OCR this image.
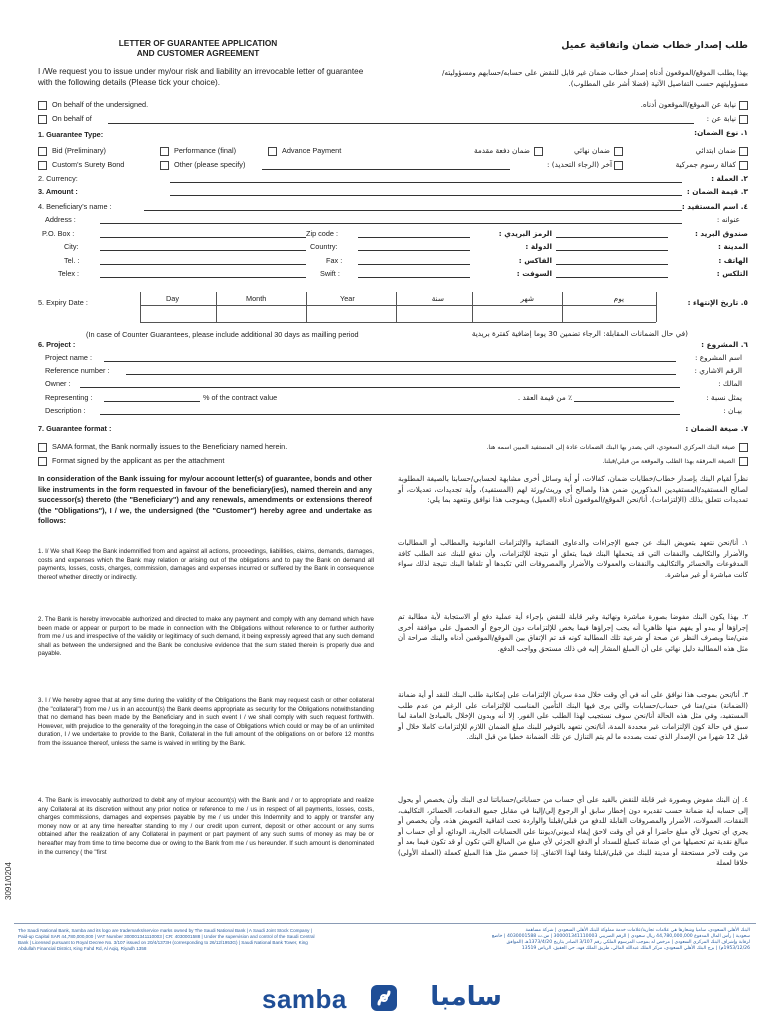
LETTER OF GUARANTEE APPLICATION
AND CUSTOMER AGREEMENT
طلب إصدار خطاب ضمان واتفاقية عميل
I /We request you to issue under my/our risk and liability an irrevocable letter of guarantee with the following details (Please tick your choice).
بهذا يطلب الموقع/الموقعون أدناه إصدار خطاب ضمان غير قابل للنقض على حسابه/حسابهم ومسؤوليته/مسؤوليتهم حسب التفاصيل الآتية (فضلا أشر على المطلوب).
On behalf of the undersigned.	نيابة عن الموقع/الموقعون أدناه.
On behalf of	نيابة عن :
1. Guarantee Type:	١. نوع الضمان:
Bid (Preliminary)	Performance (final)	Advance Payment	ضمان دفعة مقدمة	ضمان نهائي	ضمان ابتدائي
Custom's Surety Bond	Other (please specify)	آخر (الرجاء التحديد) :	كفالة رسوم جمركية
2. Currency:	٢. العملة :
3. Amount :	٣. قيمة الضمان :
4. Beneficiary's name :	٤. اسم المستفيد :
Address :	عنوانه :
P.O. Box :	Zip code :	الرمز البريدي :	صندوق البريد :
City:	Country:	الدولة :	المدينة :
Tel. :	Fax :	الفاكس :	الهاتف :
Telex :	Swift :	السوفت :	التلكس :
5. Expiry Date :	٥. تاريخ الإنتهاء :
Day	Month	Year	سنة	شهر	يوم
(In case of Counter Guarantees, please include additional 30 days as mailling period	(في حال الضمانات المقابلة: الرجاء تضمين 30 يوما إضافية كفترة بريدية
6. Project :	٦. المشروع :
Project name :	اسم المشروع :
Reference number :	الرقم الاشاري :
Owner :	المالك :
Representing :	% of the contract value	٪ من قيمة العقد .	يمثل نسبة :
Description :	بيـان :
7. Guarantee format :	٧. صيغة الضمان :
SAMA format, the Bank normally issues to the Beneficiary named herein.	صيغة البنك المركزي السعودي، التي يصدر بها البنك الضمانات عادة إلى المستفيد المبين اسمه هنا.
Format signed by the applicant as per the attachment	الصيغة المرفقة بهذا الطلب والموقعة من قبلي/قبلنا.
In consideration of the Bank issuing for my/our account letter(s) of guarantee, bonds and other like instruments in the form requested in favour of the beneficiary(ies), named therein and any successor(s) thereto (the "Beneficiary") and any renewals, amendments or extensions thereof (the "Obligations"), I / we, the undersigned (the "Customer") hereby agree and undertake as follows:
1. I/ We shall Keep the Bank indemnified from and against all actions, proceedings, liabilities, claims, demands, damages, costs and expenses which the Bank may relation or arising out of the obligations and to pay the Bank on demand all payments, losses, costs, charges, commission, damages and expenses incurred or suffered by the Bank in consequence thereof whether directly or indirectly.
2. The Bank is hereby irrevocable authorized and directed to make any payment and comply with any demand which have been made or appear or purport to be made in connection with the Obligations without reference to or further authority from me / us and irrespective of the validity or legitimacy of such demand, it being expressly agreed that any such demand shall as between the undersigned and the Bank be conclusive evidence that the sum stated therein is properly due and payable.
3. I / We hereby agree that at any time during the validity of the Obligations the Bank may request cash or other collateral (the "collateral") from me / us in an account(s) the Bank deems appropriate as security for the Obligations notwithstanding that no demand has been made by the Beneficiary and in such event I / we shall comply with such request forthwith. However, with prejudice to the generality of the foregoing,in the case of Obligations which could or may be of an unlimited duration, I / we undertake to provide to the Bank, Collateral in the full amount of the obligations on or before 12 months from the issuance thereof, unless the same is waived in writing by the Bank.
4. The Bank is irrevocably authorized to debit any of my/our account(s) with the Bank and / or to appropriate and realize any Collateral at its discretion without any prior notice or reference to me / us in respect of all payments, losses, costs, charges commissions, damages and expenses payable by me / us under this Indemnity and to apply or transfer any money now or at any time hereafter standing to my / our credit upon current, deposit or other account or any sums obtained after the realization of any Collateral in payment or part payment of any such sums of money as may be or hereafter may from time to time become due or owing to the Bank from me / us hereunder. If such amount is denominated in the currency ( the "first
نظراً لقيام البنك بإصدار خطاب/خطابات ضمان، كفالات، أو أية وسائل أخرى مشابهة لحسابي/حسابنا بالصيغة المطلوبة لصالح المستفيد/المستفيدين المذكورين ضمن هذا ولصالح أي وريث/ورثة لهم (المستفيد)، وأية تجديدات، تعديلات، أو تمديدات تتعلق بذلك (الإلتزامات). أنا/نحن الموقع/الموقعون أدناه (العميل) ويموجب هذا نوافق ونتعهد بما يلي:
١. أنا/نحن نتعهد بتعويض البنك عن جميع الإجراءات والدعاوى القضائية والإلتزامات القانونية والمطالب أو المطالبات والأضرار والتكاليف والنفقات التي قد يتحملها البنك فيما يتعلق أو نتيجة للإلتزامات، وأن ندفع للبنك عند الطلب كافة المدفوعات والخسائر والتكاليف والنفقات والعمولات والأضرار والمصروفات التي تكبدها أو تلقاها البنك نتيجة لذلك سواء كانت مباشرة أو غير مباشرة.
٢. بهذا يكون البنك مفوضا بصورة مباشرة ونهائية وغير قابلة للنقض بإجراء أية عملية دفع أو الاستجابة لأية مطالبة تم إجراؤها أو يبدو أو يفهم منها ظاهريا أنه يجب إجراؤها فيما يخص للإلتزامات دون الرجوع أو الحصول على موافقة أخرى مني/منا وبصرف النظر عن صحة أو شرعية تلك المطالبة كونه قد تم الإتفاق بين الموقع/الموقعين أدناه والبنك صراحة أن مثل هذه المطالبة دليل نهائي على أن المبلغ المشار إليه في ذلك مستحق وواجب الدفع.
٣. أنا/نحن بموجب هذا نوافق على أنه في أي وقت خلال مدة سريان الإلتزامات على إمكانية طلب البنك للنقد أو أية ضمانة (الضمانة) مني/منا في حساب/حسابات والتي يرى فيها البنك التأمين المناسب للإلتزامات على الرغم من عدم طلب المستفيد، وفي مثل هذه الحالة أنا/نحن سوف نستجيب لهذا الطلب على الفور. إلا أنه وبدون الإخلال بالمبادئ العامة لما سبق في حالة كون الإلتزامات غير محددة المدة، أنا/نحن نتعهد بالتوفير للبنك مبلغ الضمان اللازم للإلتزامات كاملا خلال أو قبل 12 شهرا من الإصدار الذي تمت بصدده ما لم يتم التنازل عن تلك الضمانة خطيا من قبل البنك.
٤. إن البنك مفوض وبصورة غير قابلة للنقض بالقيد على أي حساب من حساباتي/حساباتنا لدى البنك وأن يخصص أو يحول إلى حسابه أية ضمانة حسب تقديره دون إخطار سابق أو الرجوع إلي/إلينا في مقابل جميع الدفعات، الخسائر، التكاليف، النفقات، العمولات، الأضرار والمصروفات القابلة للدفع من قبلي/قبلنا والواردة تحت اتفاقية التعويض هذه، وأن يخصص أو يجري أي تحويل لأي مبلغ حاضرا أو في أي وقت لاحق إيفاء لديوني/ديوننا على الحسابات الجارية، الودائع، أو أي حساب أو مبالغ نقدية تم تحصيلها من أي ضمانة كمبلغ للسداد أو الدفع الجزئي لأي مبلغ من المبالغ التي تكون أو قد تكون فيما بعد أو من وقت لآخر مستحقة أو مدينة للبنك من قبلي/قبلنا وفقا لهذا الاتفاق. إذا خصص مثل هذا المبلغ كعملة (العملة الأولى) خلافا لعملة
3091/0204
The Saudi National Bank, Samba and its logo are trademarks/service marks owned by The Saudi National Bank | A Saudi Joint Stock Company |
Paid-up Capital SAR 44,780,000,000 | VAT Number 300001341110003 | CR: 4030001588 | Under the supervision and control of the Saudi Central
Bank | Licensed pursuant to Royal Decree No. 3/107 issued on 20/4/1373H (corresponding to 26/12/1953G) | Saudi National Bank Tower, King
Abdullah Financial District, King Fahd Rd, Al Aqiq, Riyadh 1358
البنك الأهلي السعودي، سامبا وشعارها هي علامات تجارية/علامات خدمة مملوكة للبنك الأهلي السعودي | شركة مساهمة
سعودية | رأس المال المدفوع 44,780,000,000 ريال سعودي | الرقم الضريبي 300001341110003 | س.ت 4030001588 | خاضع
لرقابة وإشراف البنك المركزي السعودي | مرخص له بموجب المرسوم الملكي رقم 3/107 الصادر بتاريخ 1373/4/20هـ (الموافق
1953/12/26م) | برج البنك الأهلي السعودي، مركز الملك عبدالله المالي، طريق الملك فهد، حي العقيق، الرياض 13519
samba	سامبا
